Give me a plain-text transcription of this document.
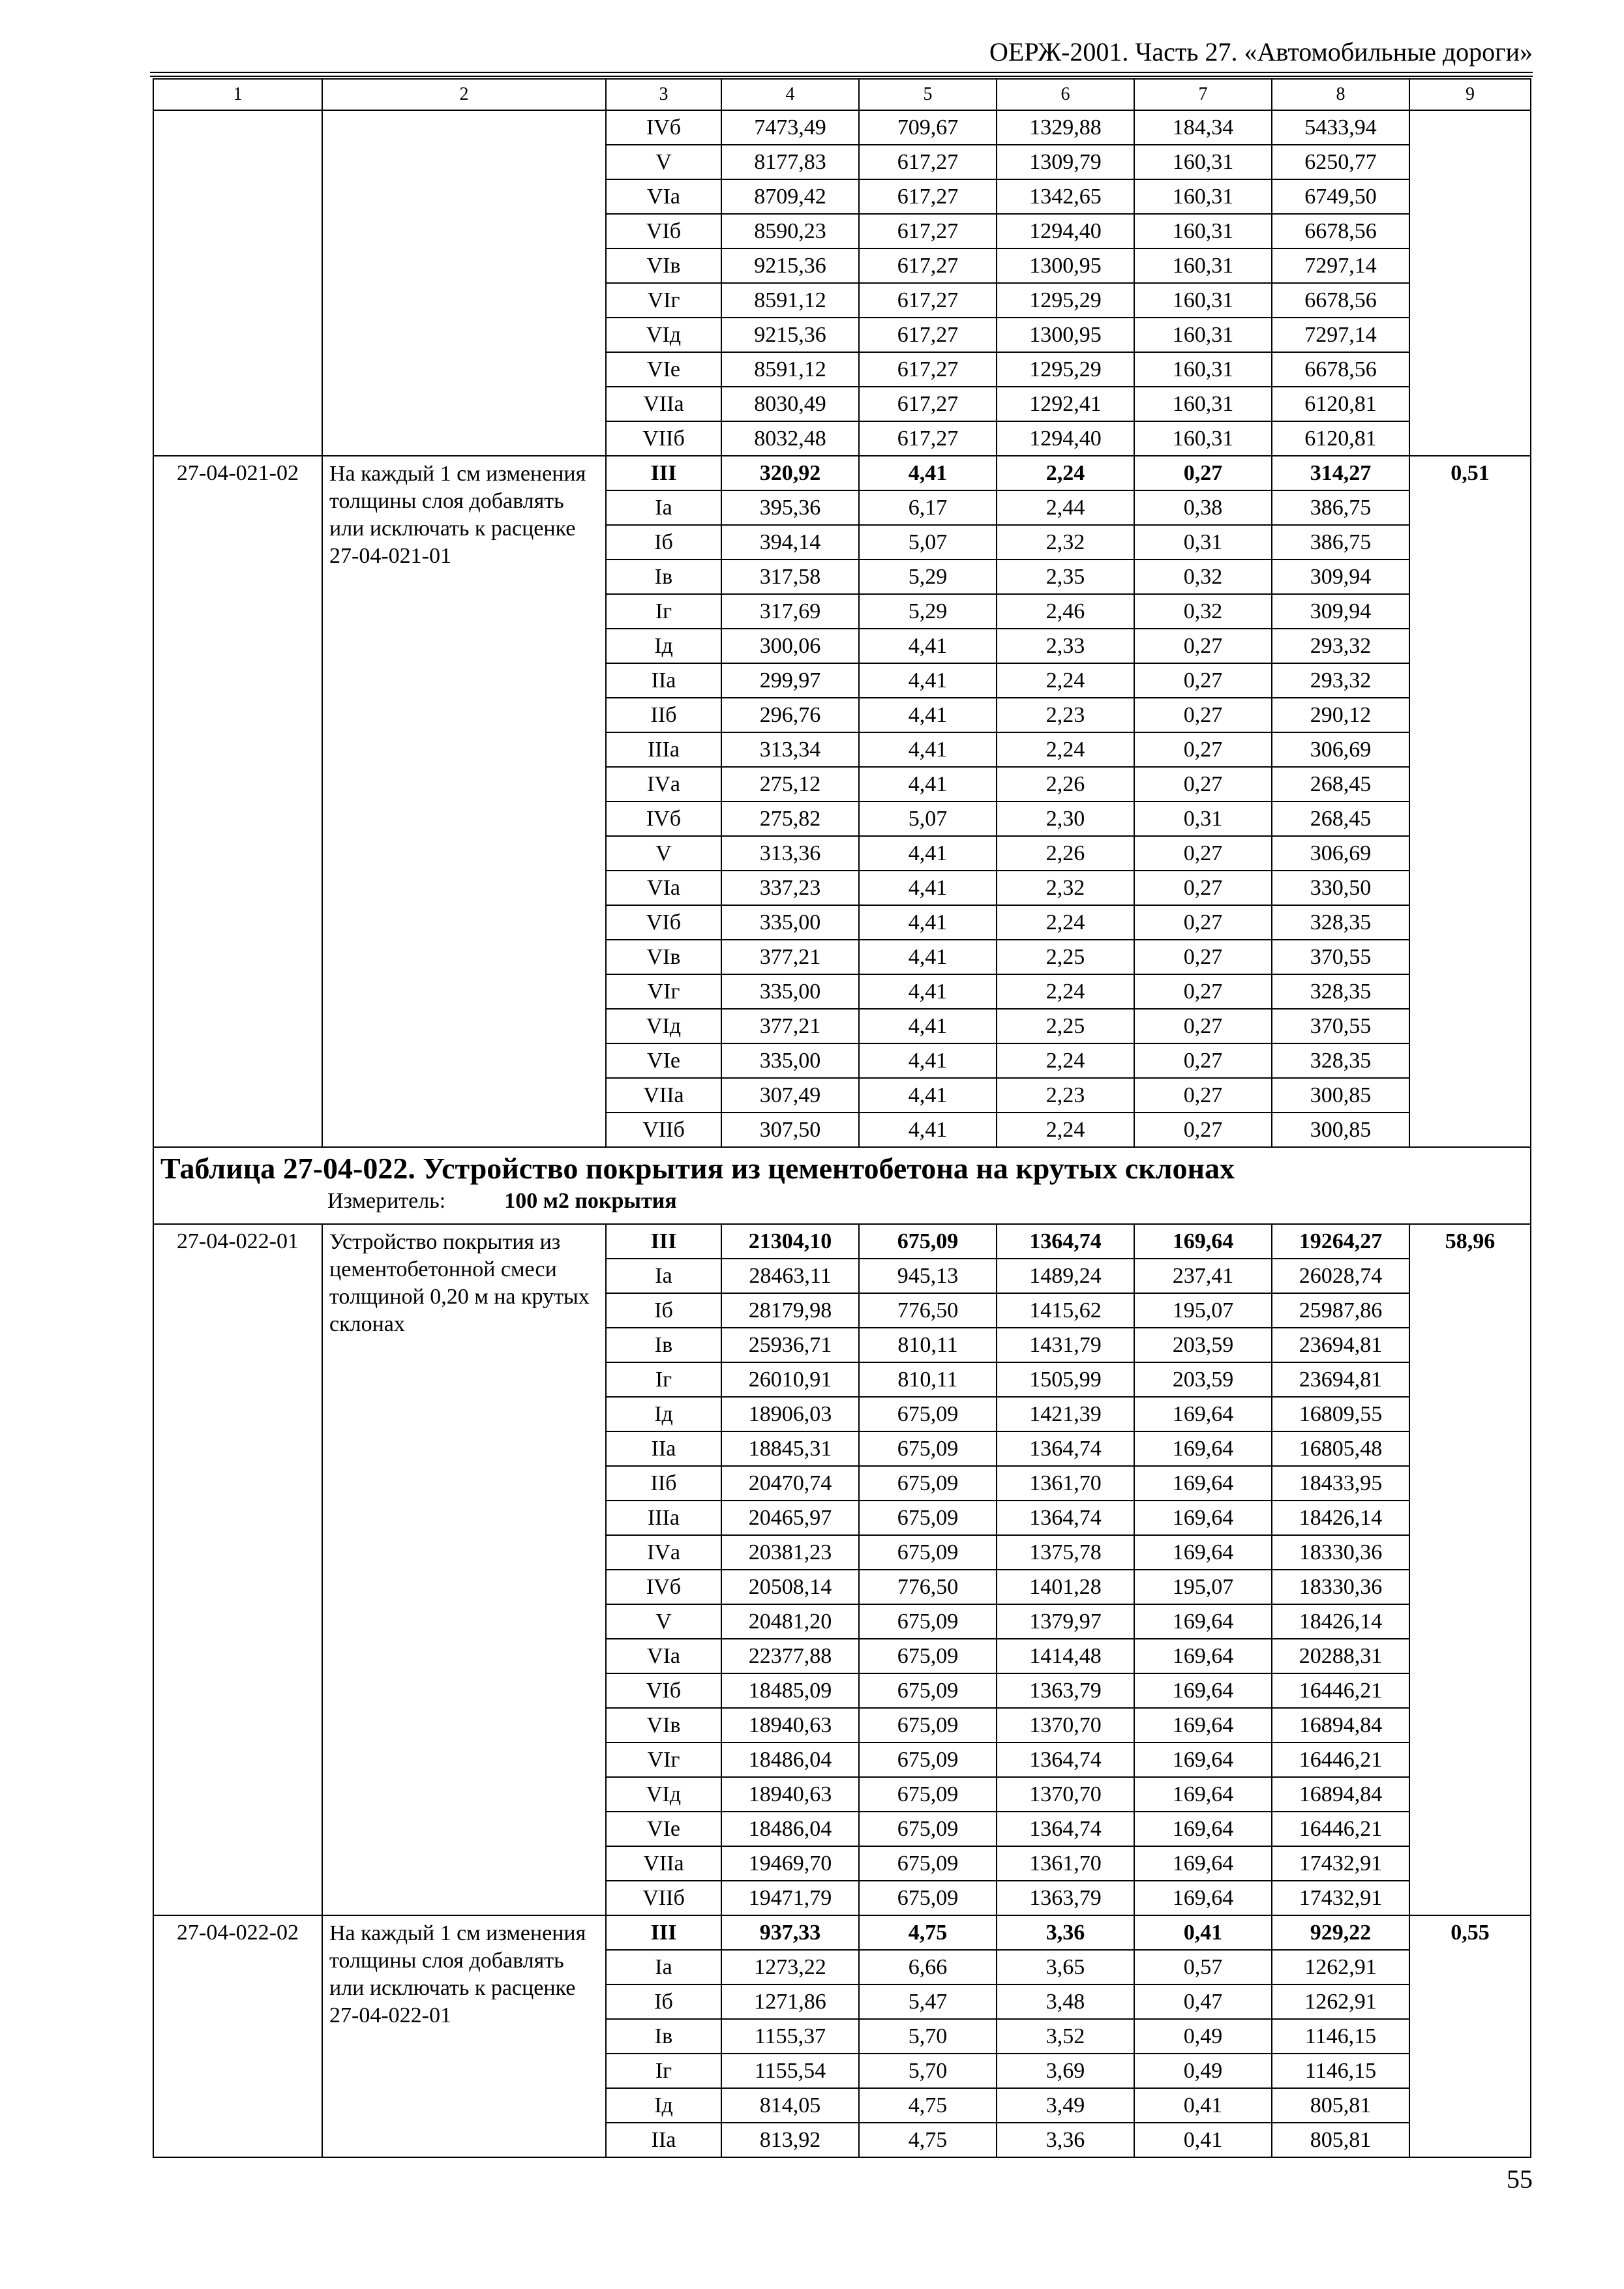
ОЕРЖ-2001. Часть 27. «Автомобильные дороги»
1	2	3	4	5	6	7	8	9
		IVб	7473,49	709,67	1329,88	184,34	5433,94	
		V	8177,83	617,27	1309,79	160,31	6250,77	
		VIа	8709,42	617,27	1342,65	160,31	6749,50	
		VIб	8590,23	617,27	1294,40	160,31	6678,56	
		VIв	9215,36	617,27	1300,95	160,31	7297,14	
		VIг	8591,12	617,27	1295,29	160,31	6678,56	
		VIд	9215,36	617,27	1300,95	160,31	7297,14	
		VIе	8591,12	617,27	1295,29	160,31	6678,56	
		VIIа	8030,49	617,27	1292,41	160,31	6120,81	
		VIIб	8032,48	617,27	1294,40	160,31	6120,81	
27-04-021-02	На каждый 1 см изменения толщины слоя добавлять или исключать к расценке 27-04-021-01	III	320,92	4,41	2,24	0,27	314,27	0,51
		Iа	395,36	6,17	2,44	0,38	386,75	
		Iб	394,14	5,07	2,32	0,31	386,75	
		Iв	317,58	5,29	2,35	0,32	309,94	
		Iг	317,69	5,29	2,46	0,32	309,94	
		Iд	300,06	4,41	2,33	0,27	293,32	
		IIа	299,97	4,41	2,24	0,27	293,32	
		IIб	296,76	4,41	2,23	0,27	290,12	
		IIIа	313,34	4,41	2,24	0,27	306,69	
		IVа	275,12	4,41	2,26	0,27	268,45	
		IVб	275,82	5,07	2,30	0,31	268,45	
		V	313,36	4,41	2,26	0,27	306,69	
		VIа	337,23	4,41	2,32	0,27	330,50	
		VIб	335,00	4,41	2,24	0,27	328,35	
		VIв	377,21	4,41	2,25	0,27	370,55	
		VIг	335,00	4,41	2,24	0,27	328,35	
		VIд	377,21	4,41	2,25	0,27	370,55	
		VIе	335,00	4,41	2,24	0,27	328,35	
		VIIа	307,49	4,41	2,23	0,27	300,85	
		VIIб	307,50	4,41	2,24	0,27	300,85	

Таблица 27-04-022. Устройство покрытия из цементобетона на крутых склонах
Измеритель: 100 м2 покрытия								

27-04-022-01	Устройство покрытия из цементобетонной смеси толщиной 0,20 м на крутых склонах	III	21304,10	675,09	1364,74	169,64	19264,27	58,96
		Iа	28463,11	945,13	1489,24	237,41	26028,74	
		Iб	28179,98	776,50	1415,62	195,07	25987,86	
		Iв	25936,71	810,11	1431,79	203,59	23694,81	
		Iг	26010,91	810,11	1505,99	203,59	23694,81	
		Iд	18906,03	675,09	1421,39	169,64	16809,55	
		IIа	18845,31	675,09	1364,74	169,64	16805,48	
		IIб	20470,74	675,09	1361,70	169,64	18433,95	
		IIIа	20465,97	675,09	1364,74	169,64	18426,14	
		IVа	20381,23	675,09	1375,78	169,64	18330,36	
		IVб	20508,14	776,50	1401,28	195,07	18330,36	
		V	20481,20	675,09	1379,97	169,64	18426,14	
		VIа	22377,88	675,09	1414,48	169,64	20288,31	
		VIб	18485,09	675,09	1363,79	169,64	16446,21	
		VIв	18940,63	675,09	1370,70	169,64	16894,84	
		VIг	18486,04	675,09	1364,74	169,64	16446,21	
		VIд	18940,63	675,09	1370,70	169,64	16894,84	
		VIе	18486,04	675,09	1364,74	169,64	16446,21	
		VIIа	19469,70	675,09	1361,70	169,64	17432,91	
		VIIб	19471,79	675,09	1363,79	169,64	17432,91	
27-04-022-02	На каждый 1 см изменения толщины слоя добавлять или исключать к расценке 27-04-022-01	III	937,33	4,75	3,36	0,41	929,22	0,55
		Iа	1273,22	6,66	3,65	0,57	1262,91	
		Iб	1271,86	5,47	3,48	0,47	1262,91	
		Iв	1155,37	5,70	3,52	0,49	1146,15	
		Iг	1155,54	5,70	3,69	0,49	1146,15	
		Iд	814,05	4,75	3,49	0,41	805,81	
		IIа	813,92	4,75	3,36	0,41	805,81	
55
